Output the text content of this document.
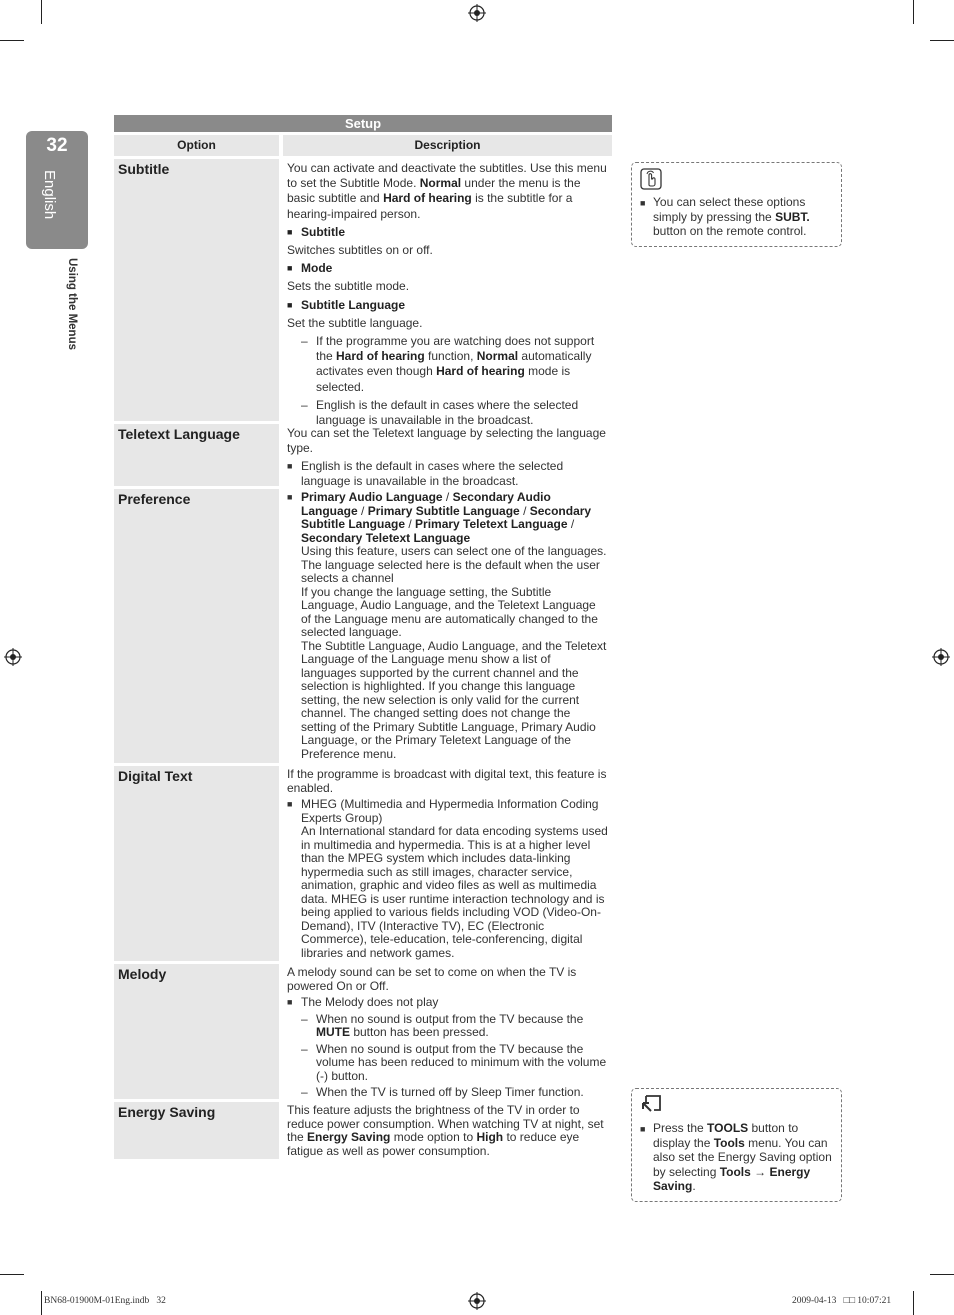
32
English
Using the Menus
Setup
Option	Description
Subtitle	You can activate and deactivate the subtitles. Use this menu to set the Subtitle Mode. Normal under the menu is the basic subtitle and Hard of hearing is the subtitle for a hearing-impaired person.

■ Subtitle

Switches subtitles on or off.

■ Mode

Sets the subtitle mode.

■ Subtitle Language

Set the subtitle language.

– If the programme you are watching does not support the Hard of hearing function, Normal automatically activates even though Hard of hearing mode is selected.
– English is the default in cases where the selected language is unavailable in the broadcast.
Teletext Language	You can set the Teletext language by selecting the language type.

■ English is the default in cases where the selected language is unavailable in the broadcast.
Preference
■	Primary Audio Language / Secondary Audio Language / Primary Subtitle Language / Secondary Subtitle Language / Primary Teletext Language / Secondary Teletext Language
Using this feature, users can select one of the languages. The language selected here is the default when the user selects a channel
If you change the language setting, the Subtitle Language, Audio Language, and the Teletext Language of the Language menu are automatically changed to the selected language.
The Subtitle Language, Audio Language, and the Teletext Language of the Language menu show a list of languages supported by the current channel and the selection is highlighted. If you change this language setting, the new selection is only valid for the current channel. The changed setting does not change the setting of the Primary Subtitle Language, Primary Audio Language, or the Primary Teletext Language of the Preference menu.
Digital Text	If the programme is broadcast with digital text, this feature is enabled.

■ MHEG (Multimedia and Hypermedia Information Coding Experts Group)
An International standard for data encoding systems used in multimedia and hypermedia. This is at a higher level than the MPEG system which includes data-linking hypermedia such as still images, character service, animation, graphic and video files as well as multimedia data. MHEG is user runtime interaction technology and is being applied to various fields including VOD (Video-On-Demand), ITV (Interactive TV), EC (Electronic Commerce), tele-education, tele-conferencing, digital libraries and network games.
Melody	A melody sound can be set to come on when the TV is powered On or Off.

■ The Melody does not play
– When no sound is output from the TV because the MUTE button has been pressed.
– When no sound is output from the TV because the volume has been reduced to minimum with the volume (-) button.
– When the TV is turned off by Sleep Timer function.
Energy Saving	This feature adjusts the brightness of the TV in order to reduce power consumption. When watching TV at night, set the Energy Saving mode option to High to reduce eye fatigue as well as power consumption.

■ You can select these options simply by pressing the SUBT. button on the remote control.
■ Press the TOOLS button to display the Tools menu. You can also set the Energy Saving option by selecting Tools → Energy Saving.
BN68-01900M-01Eng.indb   32	2009-04-13   □□ 10:07:21
